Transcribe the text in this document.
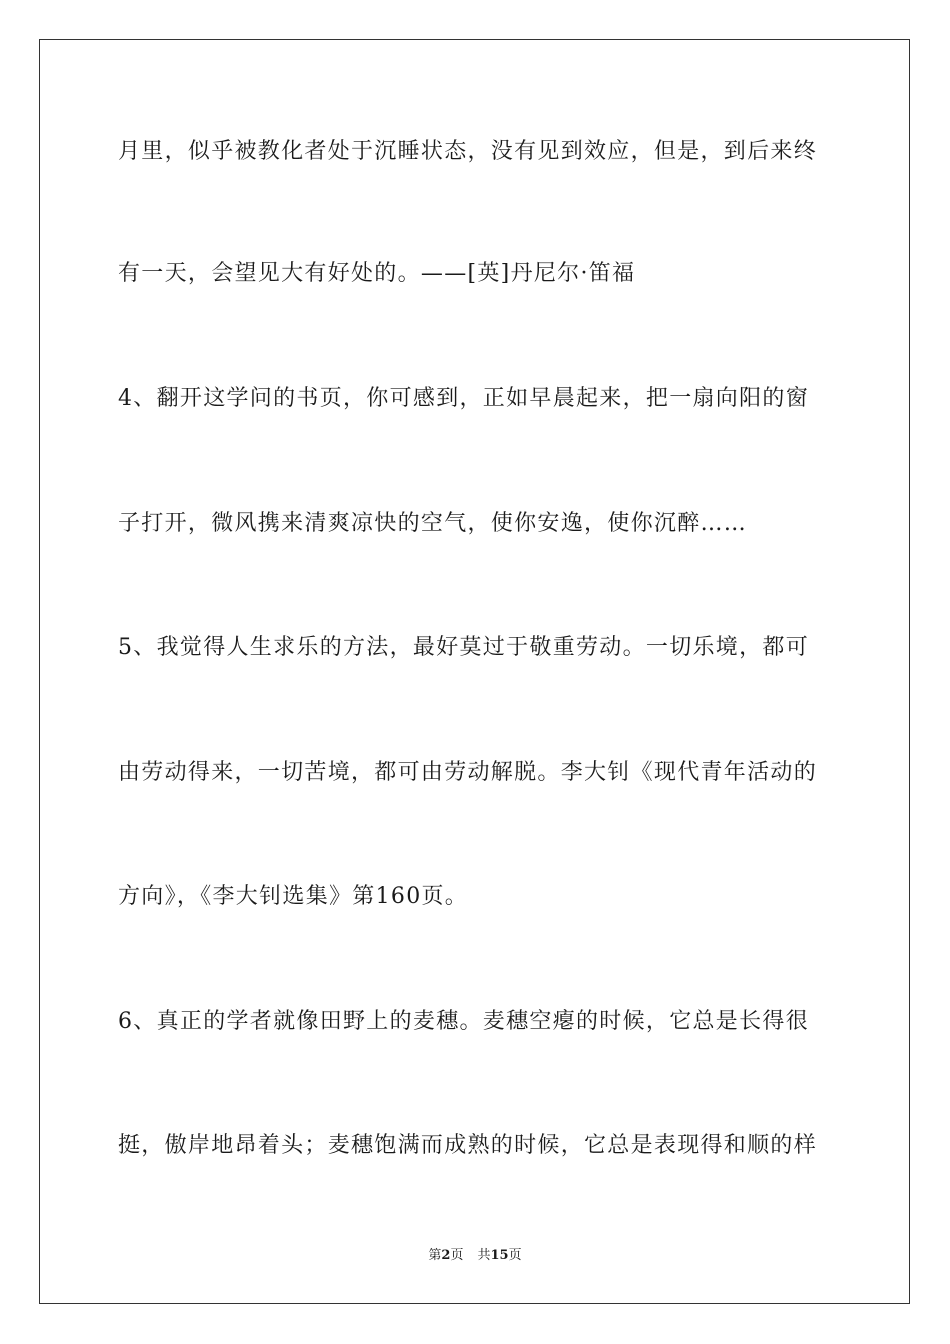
月里，似乎被教化者处于沉睡状态，没有见到效应，但是，到后来终
有一天，会望见大有好处的。——[英]丹尼尔·笛福
4、翻开这学问的书页，你可感到，正如早晨起来，把一扇向阳的窗
子打开，微风携来清爽凉快的空气，使你安逸，使你沉醉……
5、我觉得人生求乐的方法，最好莫过于敬重劳动。一切乐境，都可
由劳动得来，一切苦境，都可由劳动解脱。李大钊《现代青年活动的
方向》，《李大钊选集》第160页。
6、真正的学者就像田野上的麦穗。麦穗空瘪的时候，它总是长得很
挺，傲岸地昂着头；麦穗饱满而成熟的时候，它总是表现得和顺的样
第2页 共15页
